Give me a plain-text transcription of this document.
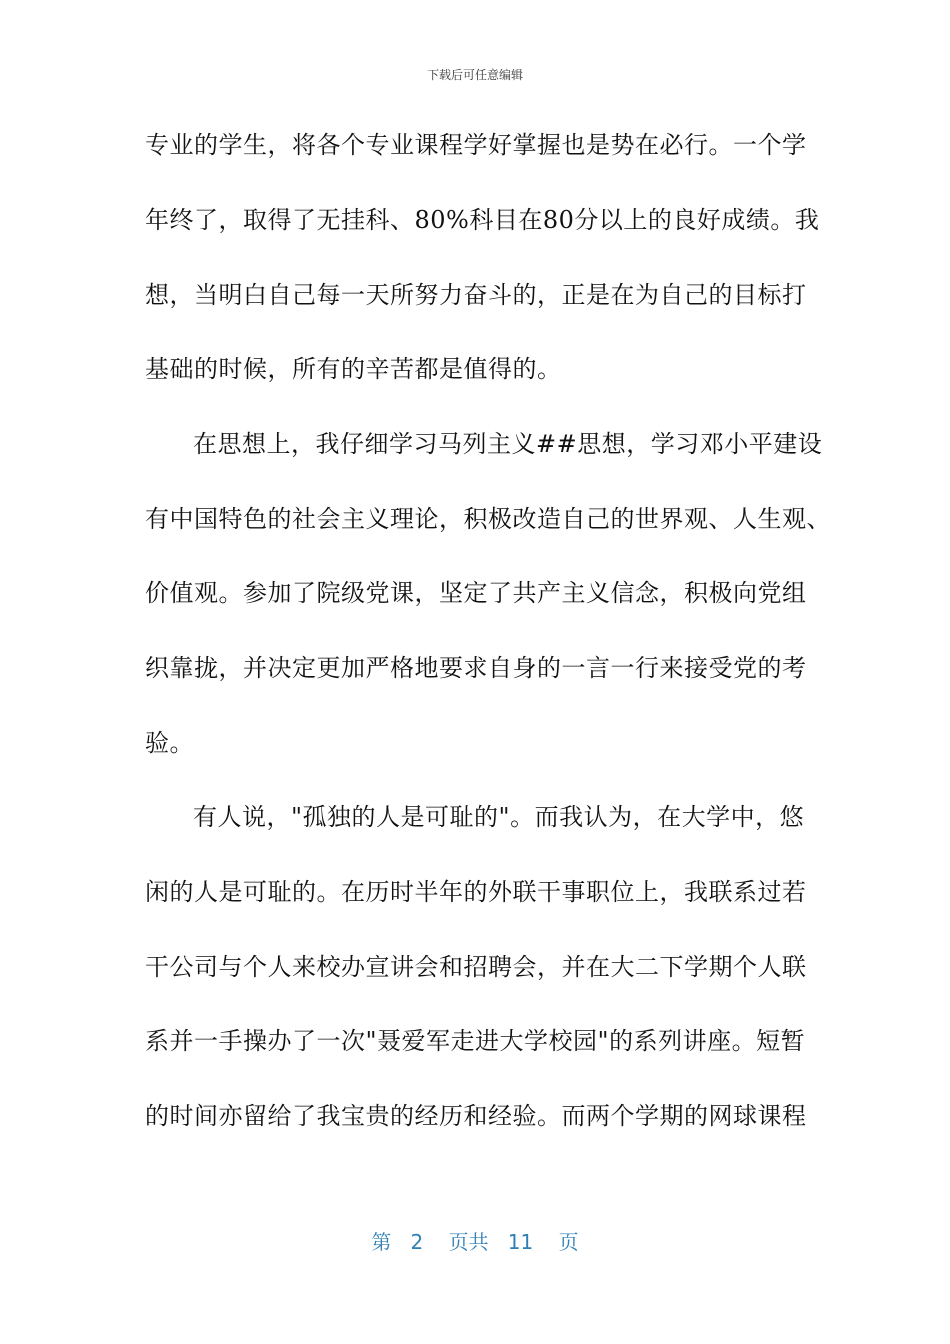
下载后可任意编辑
专业的学生，将各个专业课程学好掌握也是势在必行。一个学
年终了，取得了无挂科、80%科目在80分以上的良好成绩。我
想，当明白自己每一天所努力奋斗的，正是在为自己的目标打
基础的时候，所有的辛苦都是值得的。
在思想上，我仔细学习马列主义##思想，学习邓小平建设
有中国特色的社会主义理论，积极改造自己的世界观、人生观、
价值观。参加了院级党课，坚定了共产主义信念，积极向党组
织靠拢，并决定更加严格地要求自身的一言一行来接受党的考
验。
有人说，"孤独的人是可耻的"。而我认为，在大学中，悠
闲的人是可耻的。在历时半年的外联干事职位上，我联系过若
干公司与个人来校办宣讲会和招聘会，并在大二下学期个人联
系并一手操办了一次"聂爱军走进大学校园"的系列讲座。短暂
的时间亦留给了我宝贵的经历和经验。而两个学期的网球课程
第 2 页共 11 页
